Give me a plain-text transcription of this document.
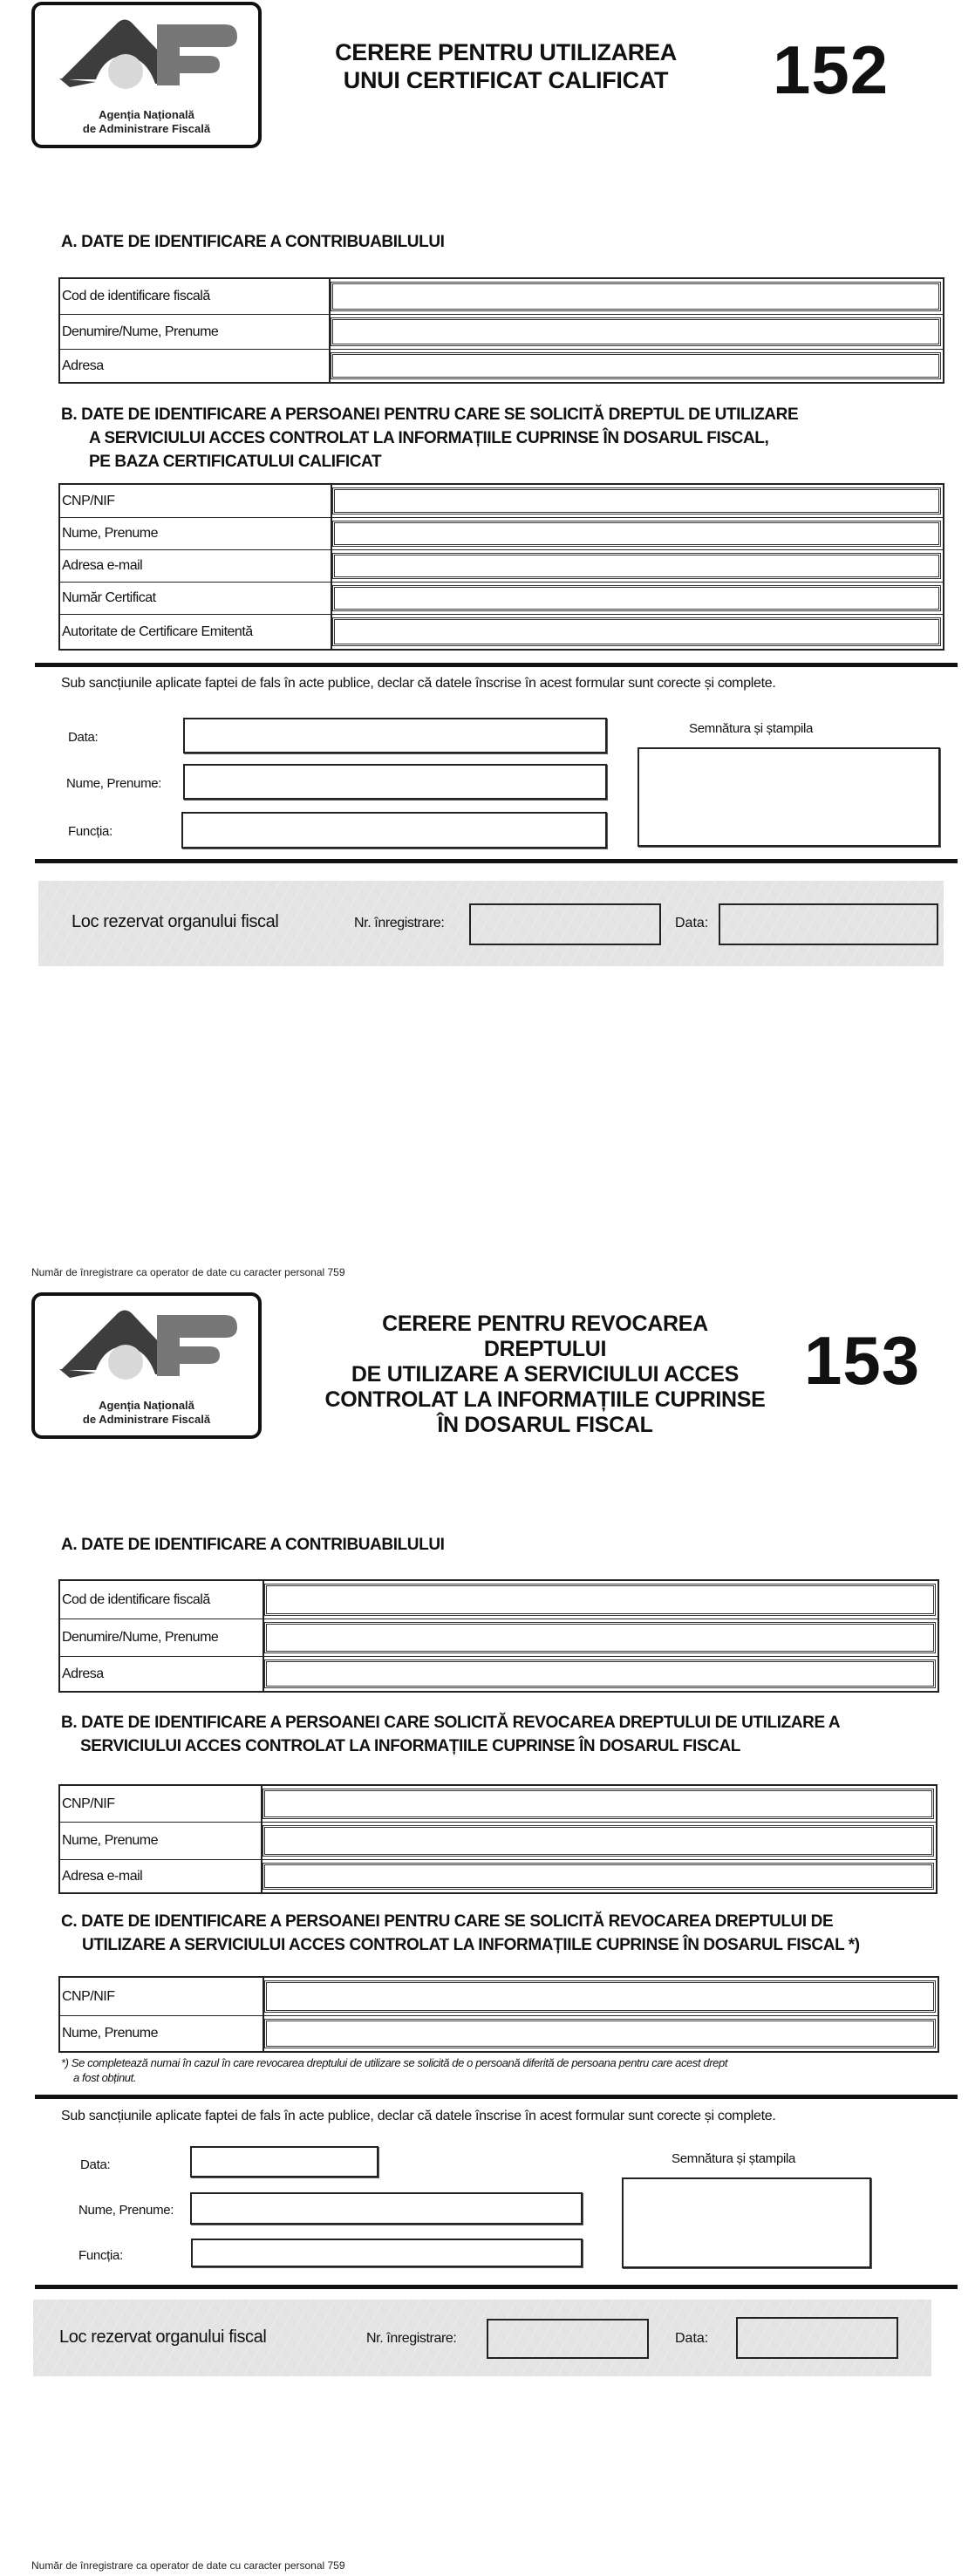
Agenția Națională
de Administrare Fiscală
CERERE PENTRU UTILIZAREA
UNUI CERTIFICAT CALIFICAT	152
A. DATE DE IDENTIFICARE A CONTRIBUABILULUI
Cod de identificare fiscală
Denumire/Nume, Prenume
Adresa
B. DATE DE IDENTIFICARE A PERSOANEI PENTRU CARE SE SOLICITĂ DREPTUL DE UTILIZARE
A SERVICIULUI ACCES CONTROLAT LA INFORMAȚIILE CUPRINSE ÎN DOSARUL FISCAL,
PE BAZA CERTIFICATULUI CALIFICAT
CNP/NIF
Nume, Prenume
Adresa e-mail
Număr Certificat
Autoritate de Certificare Emitentă
Sub sancțiunile aplicate faptei de fals în acte publice, declar că datele înscrise în acest formular sunt corecte și complete.
Data:
Nume, Prenume:
Funcția:
Semnătura și ștampila
Loc rezervat organului fiscal	Nr. înregistrare:	Data:
Număr de înregistrare ca operator de date cu caracter personal 759
Agenția Națională
de Administrare Fiscală
CERERE PENTRU REVOCAREA DREPTULUI
DE UTILIZARE A SERVICIULUI ACCES
CONTROLAT LA INFORMAȚIILE CUPRINSE
ÎN DOSARUL FISCAL
153
A. DATE DE IDENTIFICARE A CONTRIBUABILULUI
Cod de identificare fiscală
Denumire/Nume, Prenume
Adresa
B. DATE DE IDENTIFICARE A PERSOANEI CARE SOLICITĂ REVOCAREA DREPTULUI DE UTILIZARE A
SERVICIULUI ACCES CONTROLAT LA INFORMAȚIILE CUPRINSE ÎN DOSARUL FISCAL
CNP/NIF
Nume, Prenume
Adresa e-mail
C. DATE DE IDENTIFICARE A PERSOANEI PENTRU CARE SE SOLICITĂ REVOCAREA DREPTULUI DE
UTILIZARE A SERVICIULUI ACCES CONTROLAT LA INFORMAȚIILE CUPRINSE ÎN DOSARUL FISCAL *)
CNP/NIF
Nume, Prenume
*) Se completează numai în cazul în care revocarea dreptului de utilizare se solicită de o persoană diferită de persoana pentru care acest drept
a fost obținut.
Sub sancțiunile aplicate faptei de fals în acte publice, declar că datele înscrise în acest formular sunt corecte și complete.
Data:
Nume, Prenume:
Funcția:
Semnătura și ștampila
Loc rezervat organului fiscal	Nr. înregistrare:	Data:
Număr de înregistrare ca operator de date cu caracter personal 759
